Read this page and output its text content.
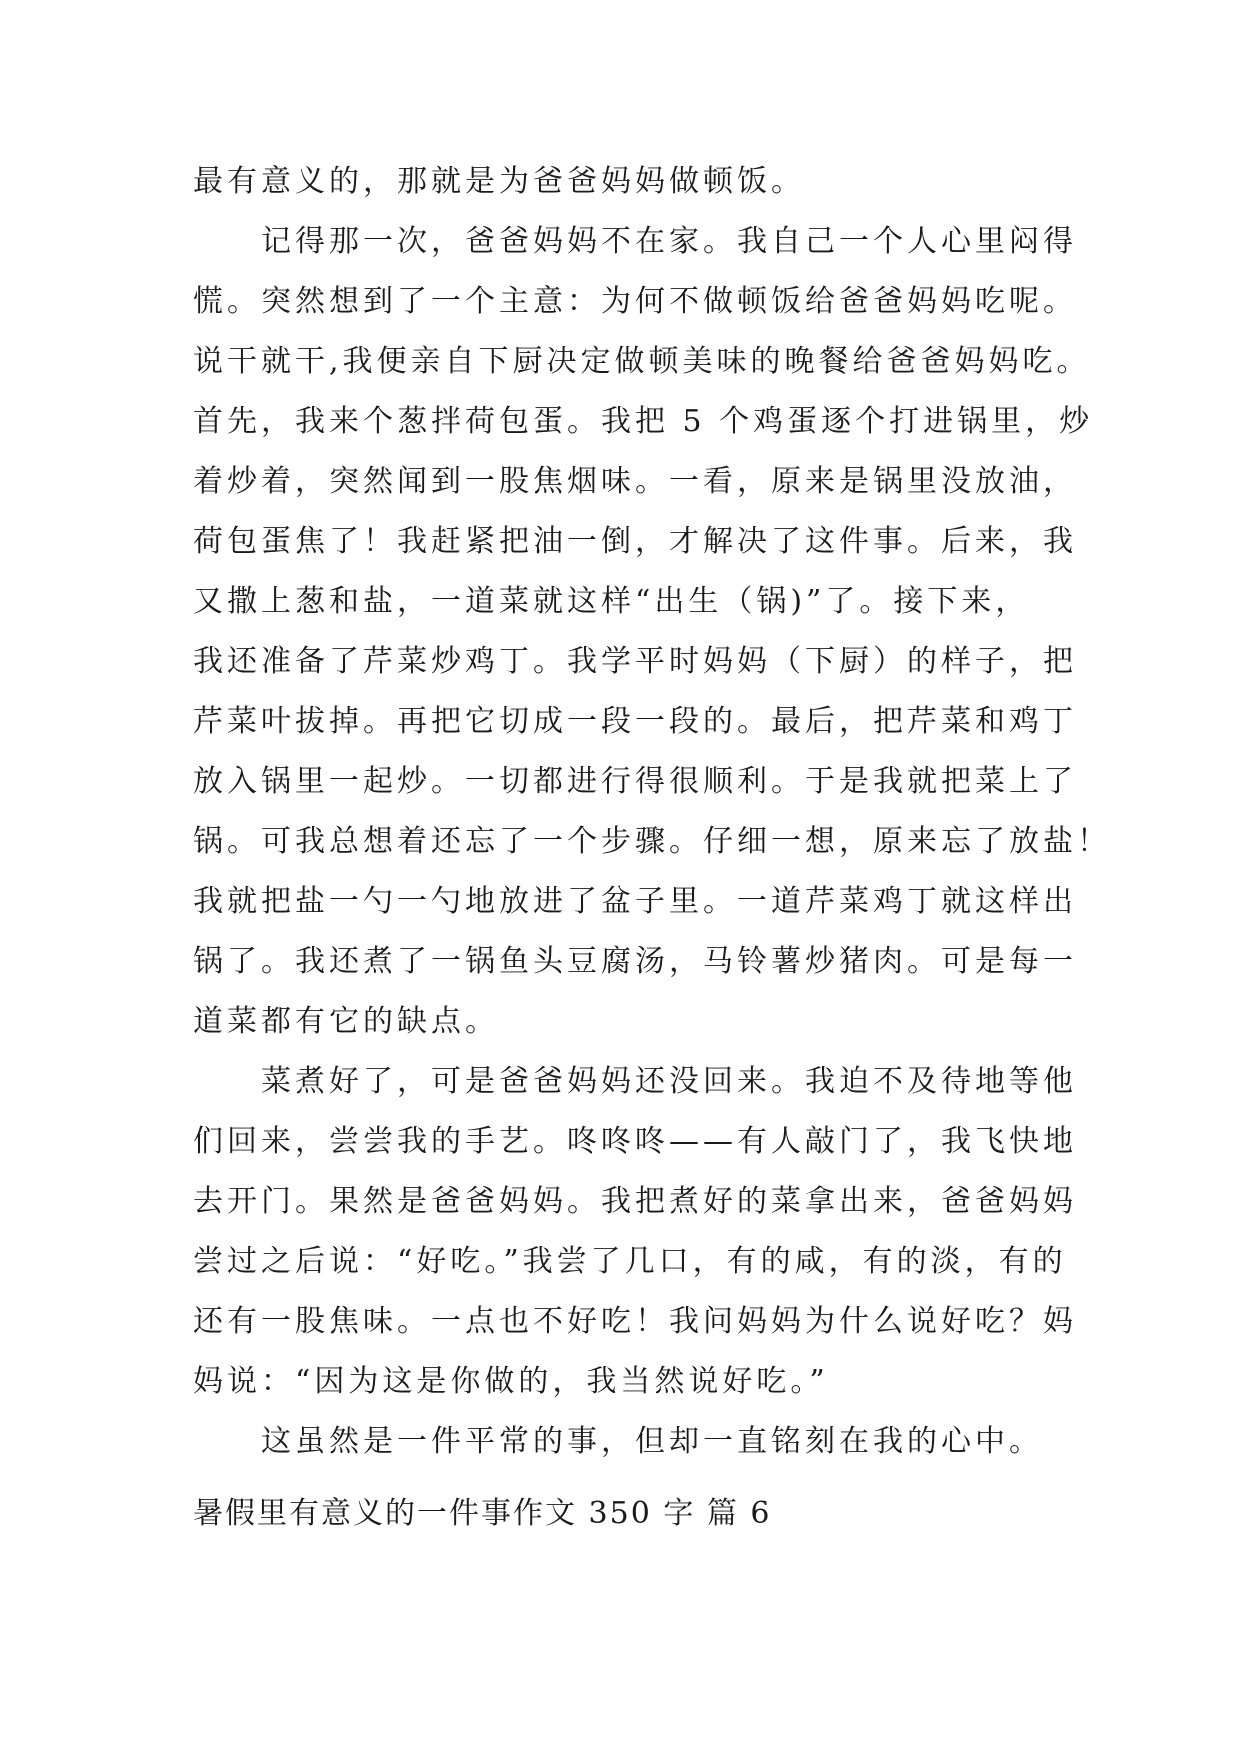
最有意义的，那就是为爸爸妈妈做顿饭。
记得那一次，爸爸妈妈不在家。我自己一个人心里闷得
慌。突然想到了一个主意：为何不做顿饭给爸爸妈妈吃呢。
说干就干,我便亲自下厨决定做顿美味的晚餐给爸爸妈妈吃。
首先，我来个葱拌荷包蛋。我把 5 个鸡蛋逐个打进锅里，炒
着炒着，突然闻到一股焦烟味。一看，原来是锅里没放油，
荷包蛋焦了！我赶紧把油一倒，才解决了这件事。后来，我
又撒上葱和盐，一道菜就这样“出生（锅)”了。接下来，
我还准备了芹菜炒鸡丁。我学平时妈妈（下厨）的样子，把
芹菜叶拔掉。再把它切成一段一段的。最后，把芹菜和鸡丁
放入锅里一起炒。一切都进行得很顺利。于是我就把菜上了
锅。可我总想着还忘了一个步骤。仔细一想，原来忘了放盐！
我就把盐一勺一勺地放进了盆子里。一道芹菜鸡丁就这样出
锅了。我还煮了一锅鱼头豆腐汤，马铃薯炒猪肉。可是每一
道菜都有它的缺点。
菜煮好了，可是爸爸妈妈还没回来。我迫不及待地等他
们回来，尝尝我的手艺。咚咚咚——有人敲门了，我飞快地
去开门。果然是爸爸妈妈。我把煮好的菜拿出来，爸爸妈妈
尝过之后说：“好吃。”我尝了几口，有的咸，有的淡，有的
还有一股焦味。一点也不好吃！我问妈妈为什么说好吃？妈
妈说：“因为这是你做的，我当然说好吃。”
这虽然是一件平常的事，但却一直铭刻在我的心中。
暑假里有意义的一件事作文 350 字 篇 6
